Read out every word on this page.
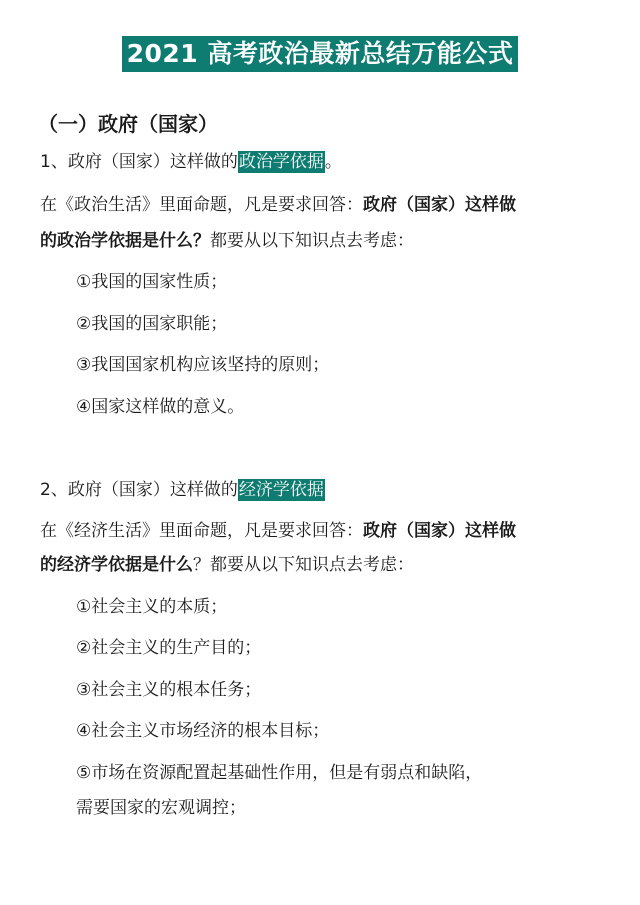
2021 高考政治最新总结万能公式
（一）政府（国家）
1、政府（国家）这样做的政治学依据。
在《政治生活》里面命题，凡是要求回答：政府（国家）这样做
的政治学依据是什么？都要从以下知识点去考虑：
①我国的国家性质；
②我国的国家职能；
③我国国家机构应该坚持的原则；
④国家这样做的意义。
2、政府（国家）这样做的经济学依据
在《经济生活》里面命题，凡是要求回答：政府（国家）这样做
的经济学依据是什么？都要从以下知识点去考虑：
①社会主义的本质；
②社会主义的生产目的；
③社会主义的根本任务；
④社会主义市场经济的根本目标；
⑤市场在资源配置起基础性作用，但是有弱点和缺陷，
需要国家的宏观调控；
